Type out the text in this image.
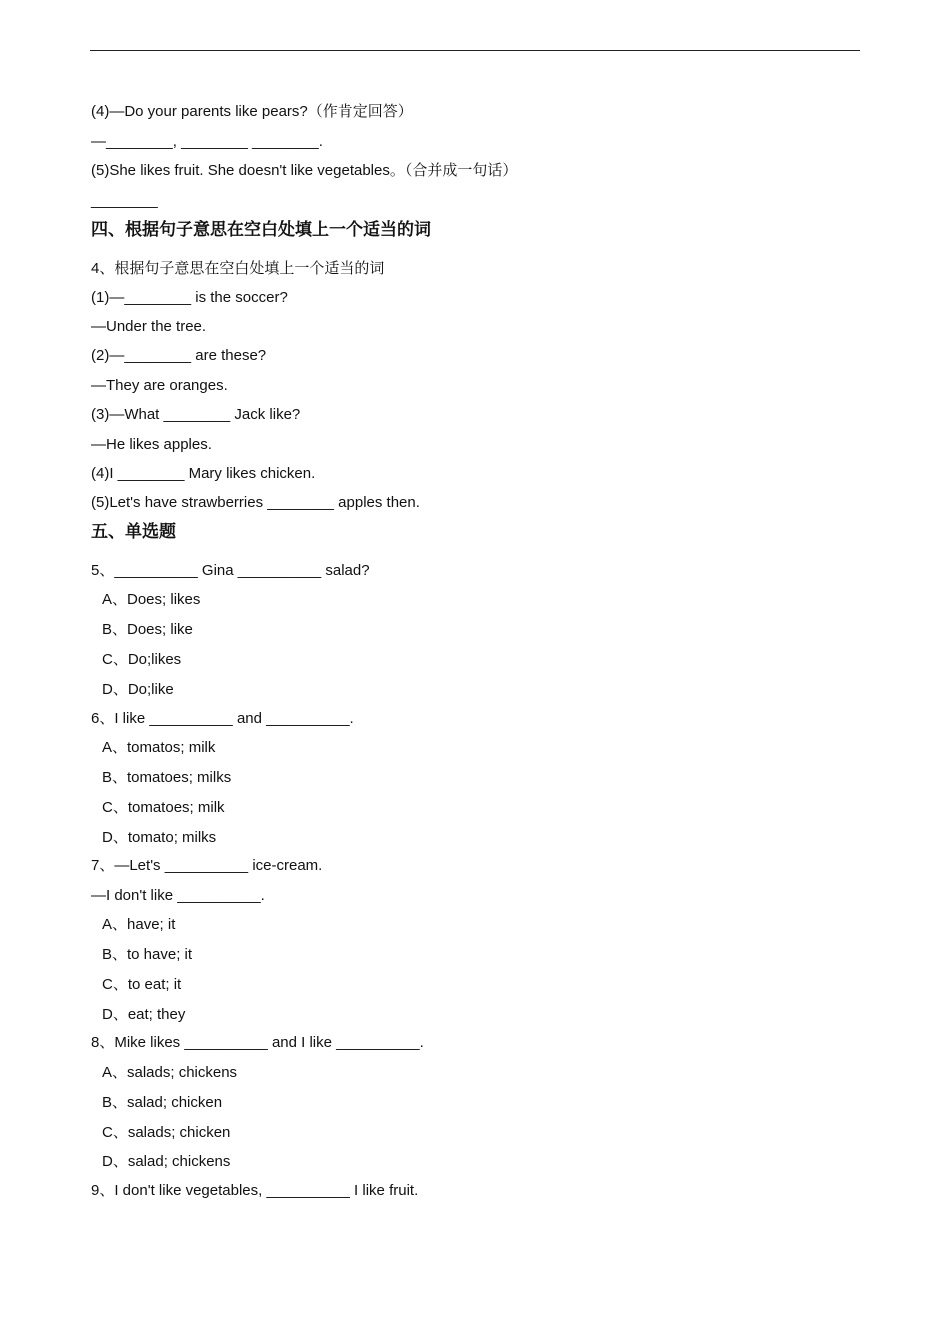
(4)—Do your parents like pears?（作肯定回答）
—________, ________ ________.
(5)She likes fruit. She doesn't like vegetables。（合并成一句话）
________
四、根据句子意思在空白处填上一个适当的词
4、根据句子意思在空白处填上一个适当的词
(1)—________ is the soccer?
—Under the tree.
(2)—________ are these?
—They are oranges.
(3)—What ________ Jack like?
—He likes apples.
(4)I ________ Mary likes chicken.
(5)Let's have strawberries ________ apples then.
五、单选题
5、__________ Gina __________ salad?
A、Does; likes
B、Does; like
C、Do;likes
D、Do;like
6、I like __________ and __________.
A、tomatos; milk
B、tomatoes; milks
C、tomatoes; milk
D、tomato; milks
7、—Let's __________ ice-cream.
—I don't like __________.
A、have; it
B、to have; it
C、to eat; it
D、eat; they
8、Mike likes __________ and I like __________.
A、salads; chickens
B、salad; chicken
C、salads; chicken
D、salad; chickens
9、I don't like vegetables, __________ I like fruit.
